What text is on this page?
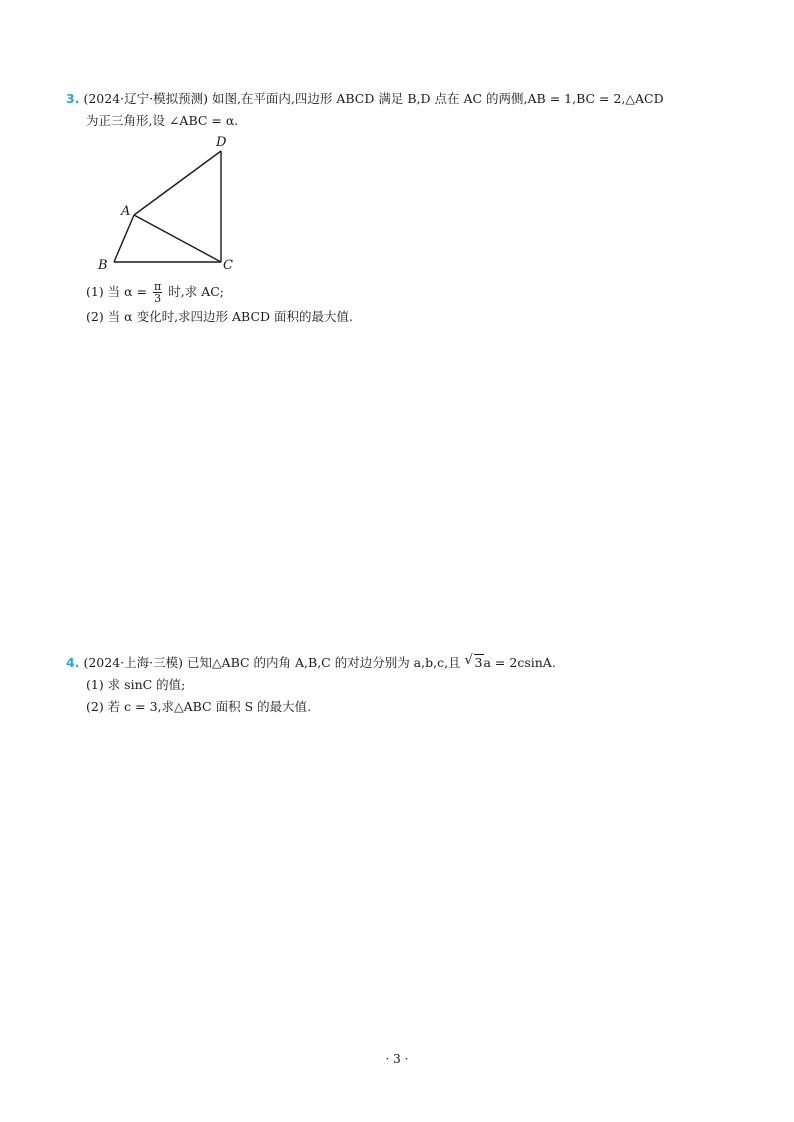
3. (2024·辽宁·模拟预测) 如图,在平面内,四边形 ABCD 满足 B,D 点在 AC 的两侧,AB = 1,BC = 2,△ACD

为正三角形,设 ∠ABC = α.

D
A
B	C

(1) 当 $\alpha = \frac{\pi}{3}$ 时,求 AC;

(2) 当 α 变化时,求四边形 ABCD 面积的最大值.

4. (2024·上海·三模) 已知△ABC 的内角 A,B,C 的对边分别为 a,b,c,且 √ 3a = 2csinA.

(1) 求 sinC 的值;

(2) 若 c = 3,求△ABC 面积 S 的最大值.

· 3 ·
